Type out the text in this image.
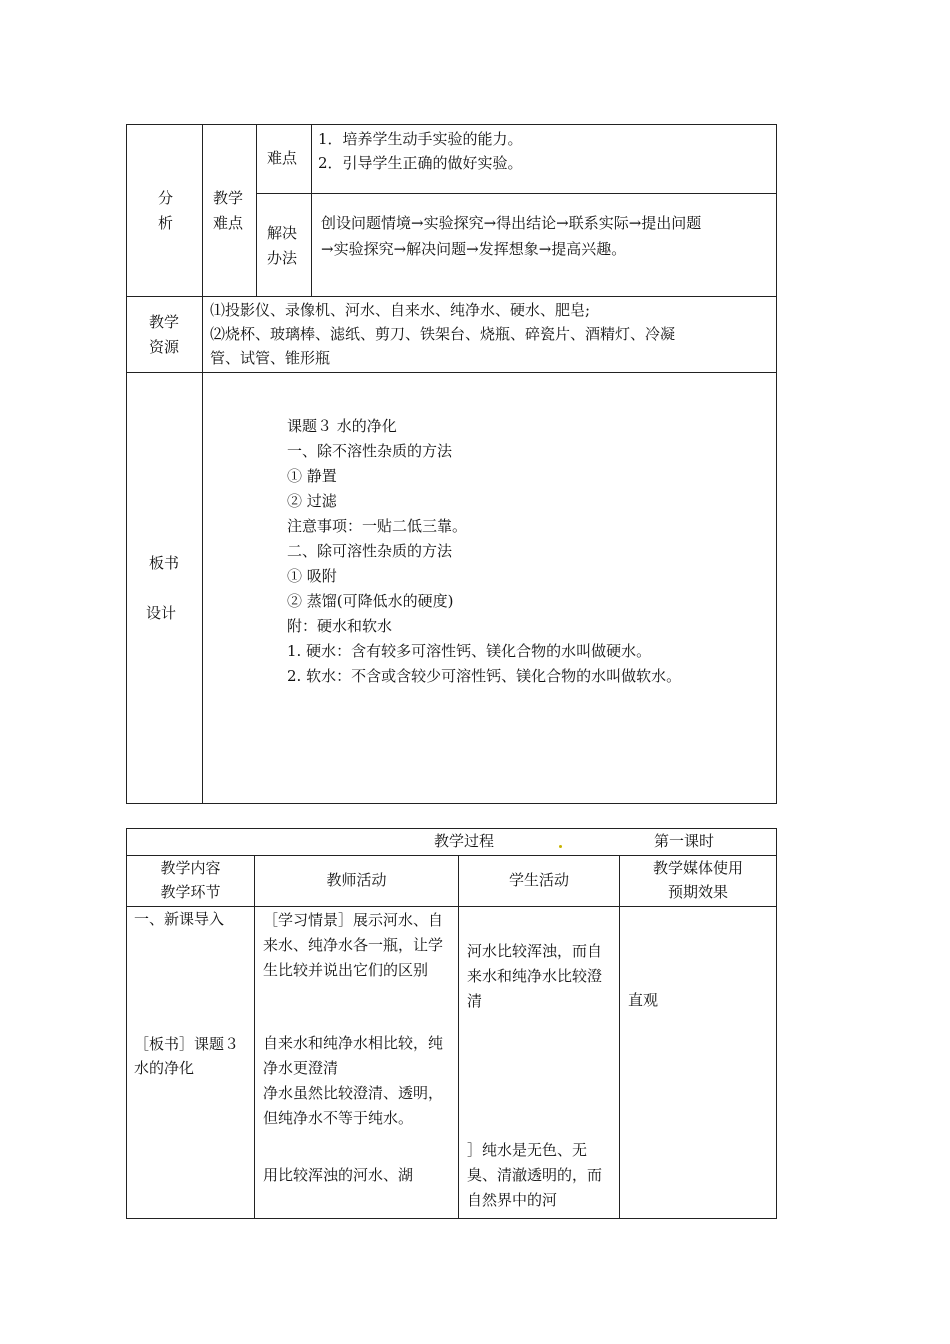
分
析
教学
难点
难点
1．培养学生动手实验的能力。
2．引导学生正确的做好实验。
解决
办法
创设问题情境→实验探究→得出结论→联系实际→提出问题
→实验探究→解决问题→发挥想象→提高兴趣。
教学
资源
⑴投影仪、录像机、河水、自来水、纯净水、硬水、肥皂;
⑵烧杯、玻璃棒、滤纸、剪刀、铁架台、烧瓶、碎瓷片、酒精灯、冷凝
管、试管、锥形瓶
板书
设计
课题３ 水的净化
一、除不溶性杂质的方法
① 静置
② 过滤
注意事项：一贴二低三靠。
二、除可溶性杂质的方法
① 吸附
② 蒸馏(可降低水的硬度)
附：硬水和软水
1. 硬水：含有较多可溶性钙、镁化合物的水叫做硬水。
2. 软水：不含或含较少可溶性钙、镁化合物的水叫做软水。
教学过程	第一课时
教学内容
教学环节
教师活动	学生活动
教学媒体使用
预期效果
一、新课导入
［板书］课题３
水的净化
［学习情景］展示河水、自来水、纯净水各一瓶，让学生比较并说出它们的区别
自来水和纯净水相比较，纯净水更澄清
净水虽然比较澄清、透明，但纯净水不等于纯水。
用比较浑浊的河水、湖
河水比较浑浊，而自来水和纯净水比较澄清
］纯水是无色、无臭、清澈透明的，而自然界中的河
直观
